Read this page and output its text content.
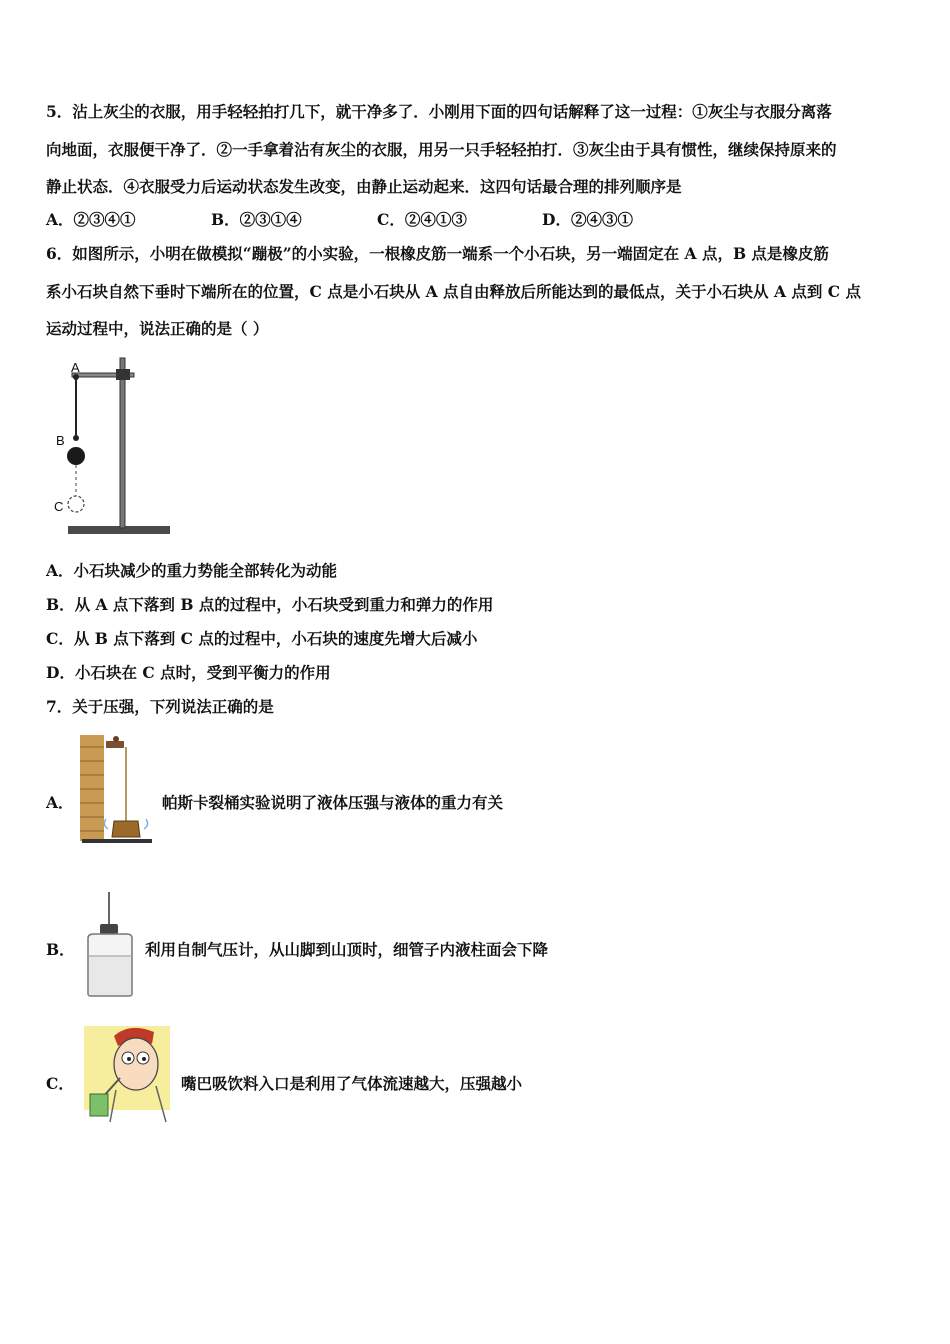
5．沾上灰尘的衣服，用手轻轻拍打几下，就干净多了．小刚用下面的四句话解释了这一过程：①灰尘与衣服分离落
向地面，衣服便干净了．②一手拿着沾有灰尘的衣服，用另一只手轻轻拍打．③灰尘由于具有惯性，继续保持原来的
静止状态．④衣服受力后运动状态发生改变，由静止运动起来．这四句话最合理的排列顺序是
A．②③④①	B．②③①④	C．②④①③	D．②④③①
6．如图所示，小明在做模拟“蹦极”的小实验，一根橡皮筋一端系一个小石块，另一端固定在 A 点，B 点是橡皮筋
系小石块自然下垂时下端所在的位置，C 点是小石块从 A 点自由释放后所能达到的最低点，关于小石块从 A 点到 C 点
运动过程中，说法正确的是（ ）
A
B
C
A．小石块减少的重力势能全部转化为动能
B．从 A 点下落到 B 点的过程中，小石块受到重力和弹力的作用
C．从 B 点下落到 C 点的过程中，小石块的速度先增大后减小
D．小石块在 C 点时，受到平衡力的作用
7．关于压强，下列说法正确的是
A．	帕斯卡裂桶实验说明了液体压强与液体的重力有关
B．	利用自制气压计，从山脚到山顶时，细管子内液柱面会下降
C．	嘴巴吸饮料入口是利用了气体流速越大，压强越小
